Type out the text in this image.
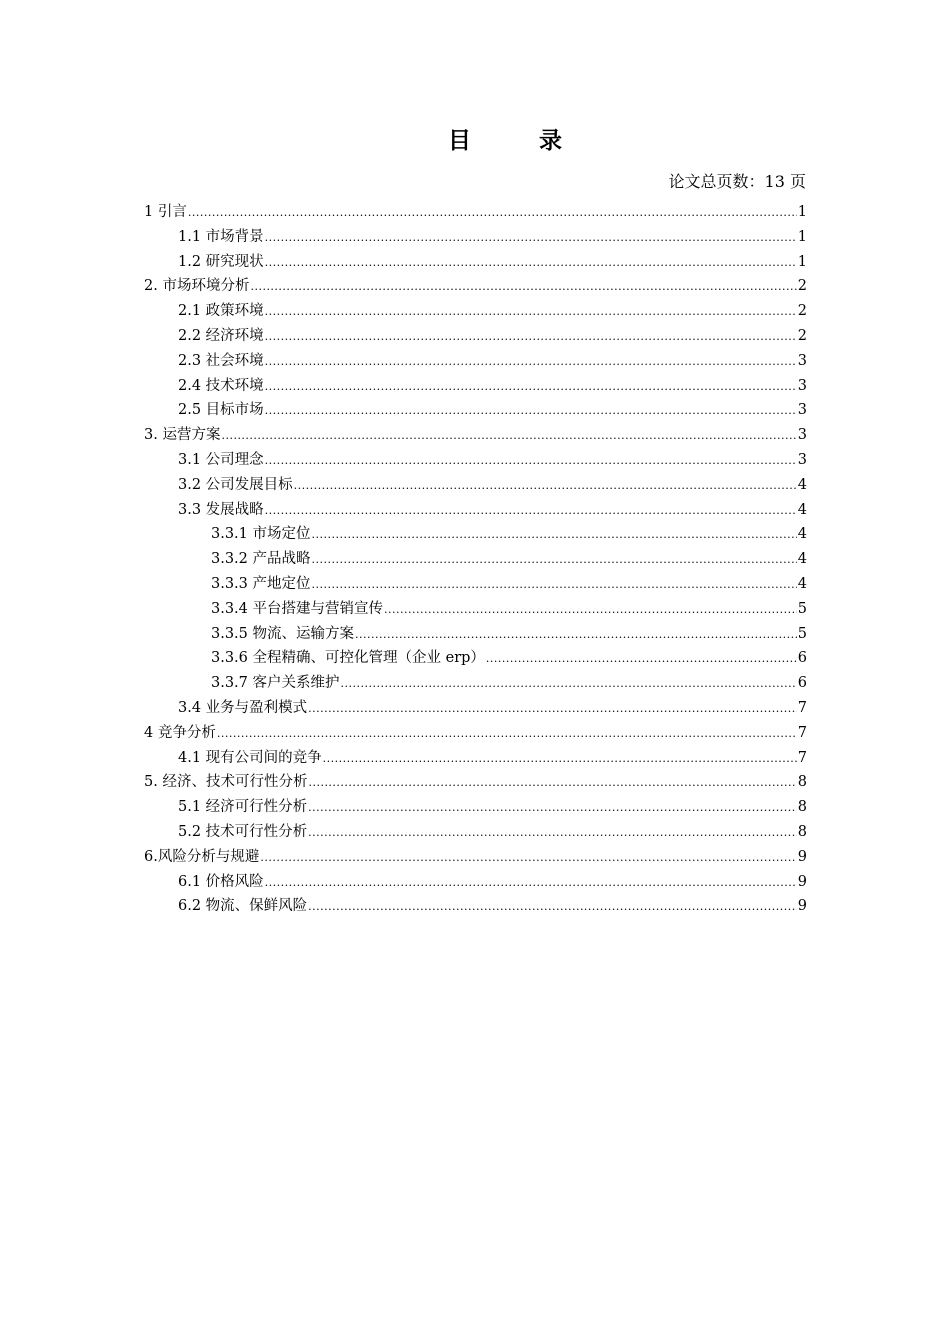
目 录
论文总页数：13 页
1 引言 .....	1
1.1 市场背景 .....	1
1.2 研究现状 .....	1
2. 市场环境分析 .....	2
2.1 政策环境 .....	2
2.2 经济环境 .....	2
2.3 社会环境 .....	3
2.4 技术环境 .....	3
2.5 目标市场 .....	3
3. 运营方案 .....	3
3.1 公司理念 .....	3
3.2 公司发展目标 .....	4
3.3 发展战略 .....	4
3.3.1 市场定位 .....	4
3.3.2 产品战略 .....	4
3.3.3 产地定位 .....	4
3.3.4 平台搭建与营销宣传 .....	5
3.3.5 物流、运输方案 .....	5
3.3.6 全程精确、可控化管理（企业 erp） .....	6
3.3.7 客户关系维护 .....	6
3.4 业务与盈利模式 .....	7
4 竞争分析 .....	7
4.1 现有公司间的竞争 .....	7
5. 经济、技术可行性分析 .....	8
5.1 经济可行性分析 .....	8
5.2 技术可行性分析 .....	8
6.风险分析与规避 .....	9
6.1 价格风险 .....	9
6.2 物流、保鲜风险 .....	9
